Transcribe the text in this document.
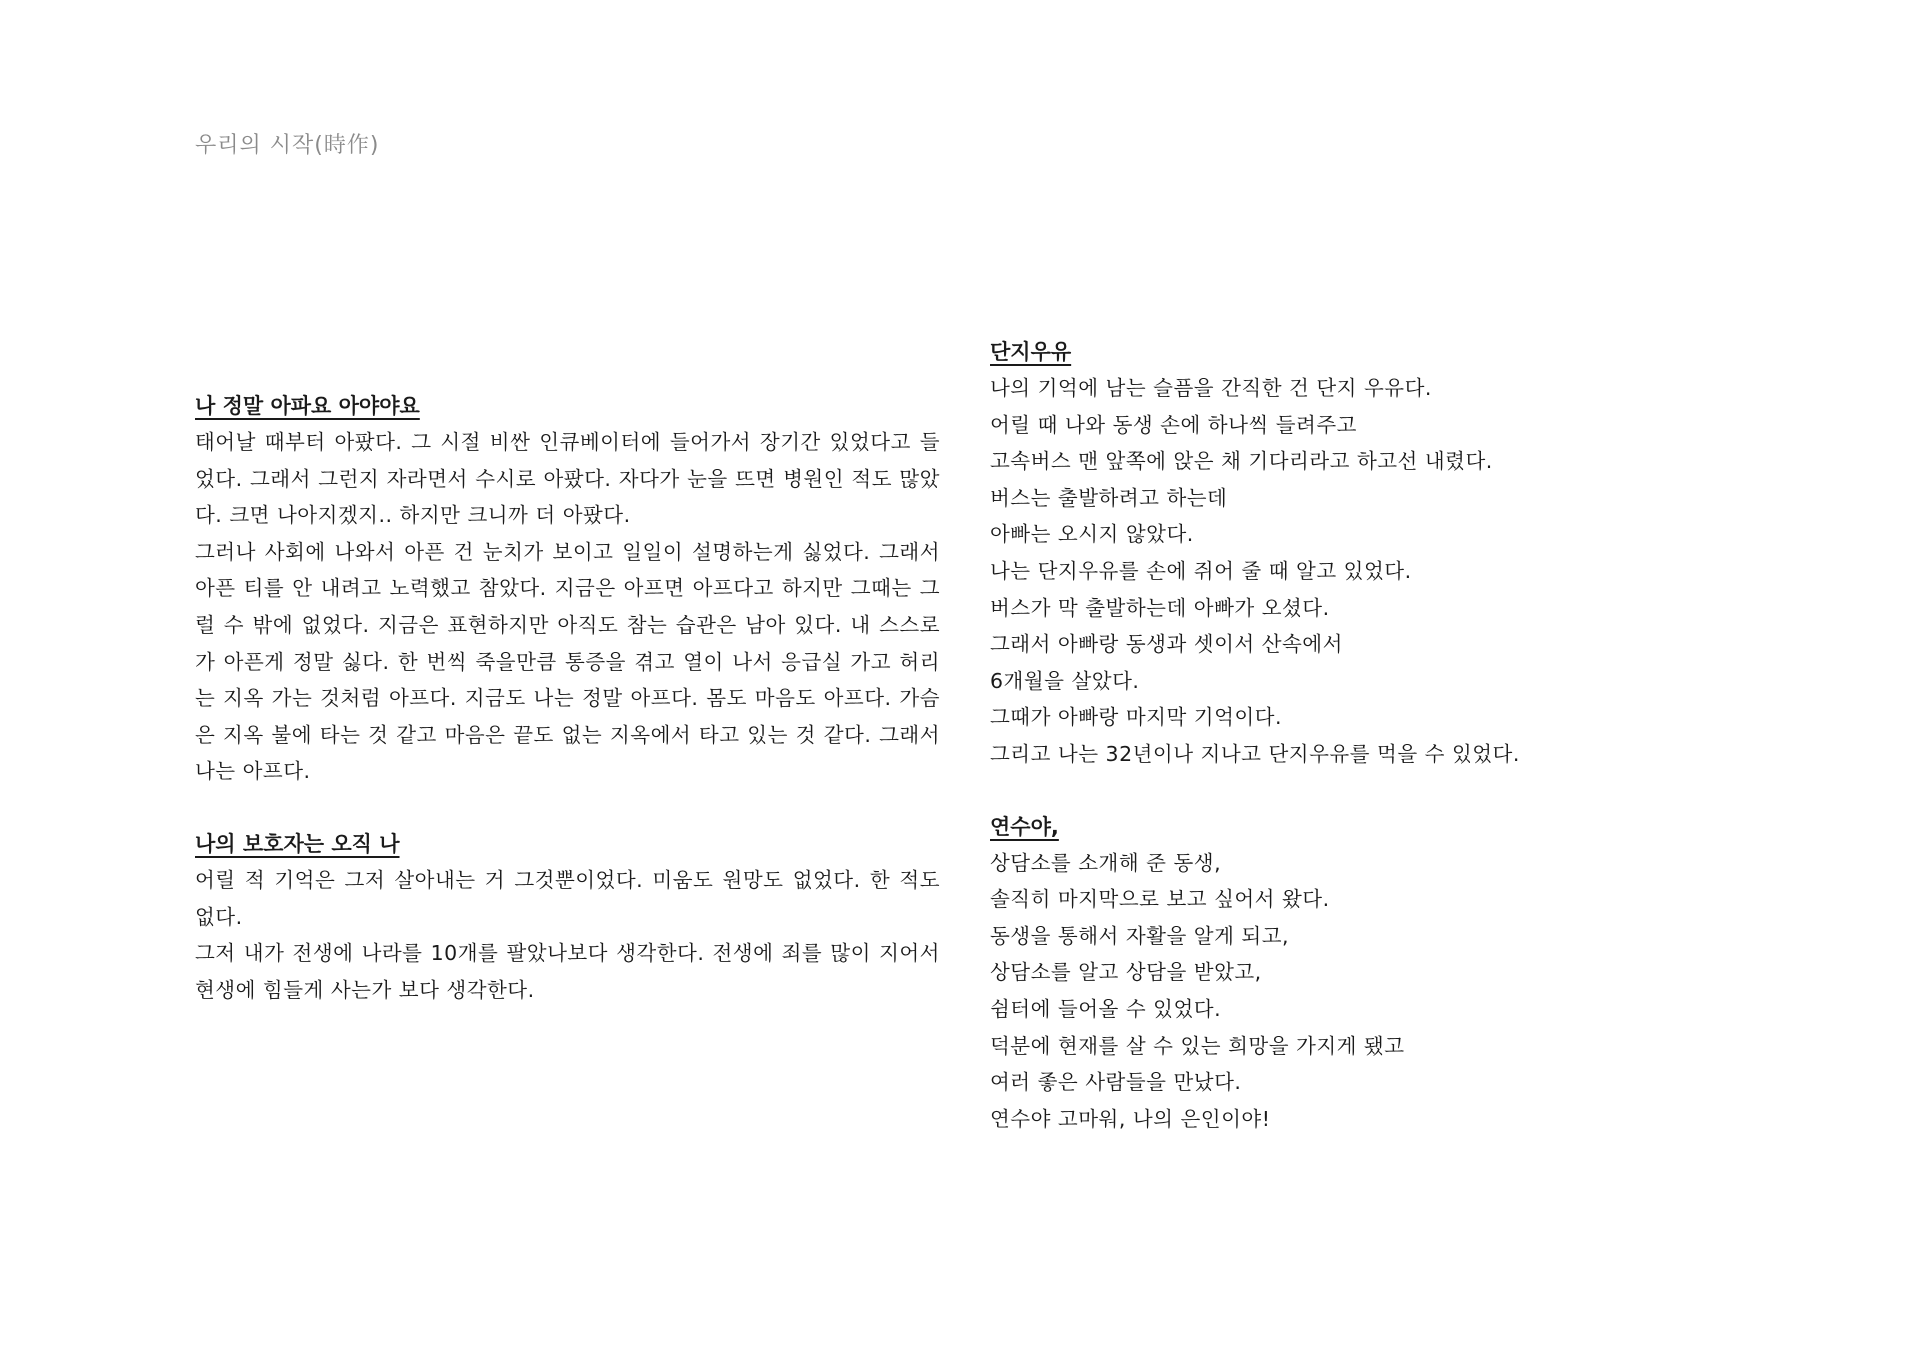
우리의 시작(時作)
나 정말 아파요 아야야요

태어날 때부터 아팠다. 그 시절 비싼 인큐베이터에 들어가서 장기간 있었다고 들었다. 그래서 그런지 자라면서 수시로 아팠다. 자다가 눈을 뜨면 병원인 적도 많았다. 크면 나아지겠지.. 하지만 크니까 더 아팠다.

그러나 사회에 나와서 아픈 건 눈치가 보이고 일일이 설명하는게 싫었다. 그래서 아픈 티를 안 내려고 노력했고 참았다. 지금은 아프면 아프다고 하지만 그때는 그럴 수 밖에 없었다. 지금은 표현하지만 아직도 참는 습관은 남아 있다. 내 스스로가 아픈게 정말 싫다. 한 번씩 죽을만큼 통증을 겪고 열이 나서 응급실 가고 허리는 지옥 가는 것처럼 아프다. 지금도 나는 정말 아프다. 몸도 마음도 아프다. 가슴은 지옥 불에 타는 것 같고 마음은 끝도 없는 지옥에서 타고 있는 것 같다. 그래서 나는 아프다.

나의 보호자는 오직 나

어릴 적 기억은 그저 살아내는 거 그것뿐이었다. 미움도 원망도 없었다. 한 적도 없다.

그저 내가 전생에 나라를 10개를 팔았나보다 생각한다. 전생에 죄를 많이 지어서 현생에 힘들게 사는가 보다 생각한다.

단지우유
나의 기억에 남는 슬픔을 간직한 건 단지 우유다.
어릴 때 나와 동생 손에 하나씩 들려주고
고속버스 맨 앞쪽에 앉은 채 기다리라고 하고선 내렸다.
버스는 출발하려고 하는데
아빠는 오시지 않았다.
나는 단지우유를 손에 쥐어 줄 때 알고 있었다.
버스가 막 출발하는데 아빠가 오셨다.
그래서 아빠랑 동생과 셋이서 산속에서
6개월을 살았다.
그때가 아빠랑 마지막 기억이다.
그리고 나는 32년이나 지나고 단지우유를 먹을 수 있었다.
연수야,
상담소를 소개해 준 동생,
솔직히 마지막으로 보고 싶어서 왔다.
동생을 통해서 자활을 알게 되고,
상담소를 알고 상담을 받았고,
쉼터에 들어올 수 있었다.
덕분에 현재를 살 수 있는 희망을 가지게 됐고
여러 좋은 사람들을 만났다.
연수야 고마워, 나의 은인이야!
